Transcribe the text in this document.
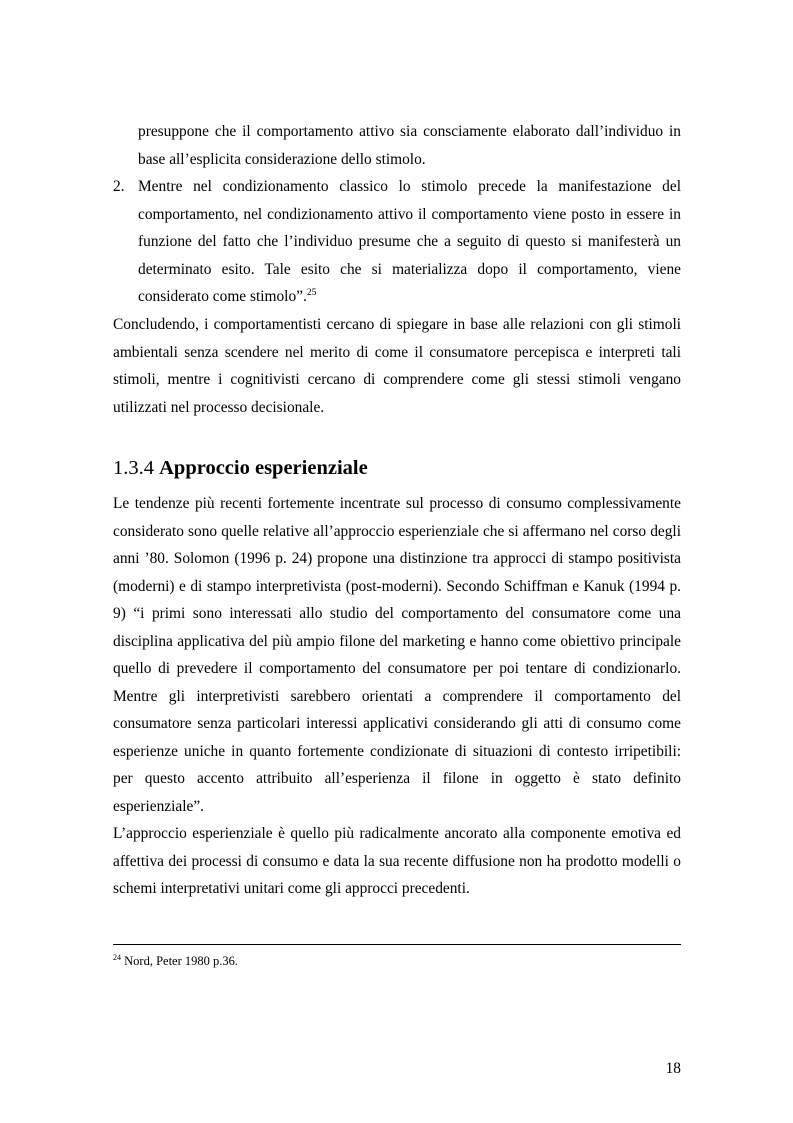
presuppone che il comportamento attivo sia consciamente elaborato dall’individuo in base all’esplicita considerazione dello stimolo.
2. Mentre nel condizionamento classico lo stimolo precede la manifestazione del comportamento, nel condizionamento attivo il comportamento viene posto in essere in funzione del fatto che l’individuo presume che a seguito di questo si manifesterà un determinato esito. Tale esito che si materializza dopo il comportamento, viene considerato come stimolo”.$^{25}$
Concludendo, i comportamentisti cercano di spiegare in base alle relazioni con gli stimoli ambientali senza scendere nel merito di come il consumatore percepisca e interpreti tali stimoli, mentre i cognitivisti cercano di comprendere come gli stessi stimoli vengano utilizzati nel processo decisionale.
1.3.4 Approccio esperienziale
Le tendenze più recenti fortemente incentrate sul processo di consumo complessivamente considerato sono quelle relative all’approccio esperienziale che si affermano nel corso degli anni ’80. Solomon (1996 p. 24) propone una distinzione tra approcci di stampo positivista (moderni) e di stampo interpretivista (post-moderni). Secondo Schiffman e Kanuk (1994 p. 9) “i primi sono interessati allo studio del comportamento del consumatore come una disciplina applicativa del più ampio filone del marketing e hanno come obiettivo principale quello di prevedere il comportamento del consumatore per poi tentare di condizionarlo. Mentre gli interpretivisti sarebbero orientati a comprendere il comportamento del consumatore senza particolari interessi applicativi considerando gli atti di consumo come esperienze uniche in quanto fortemente condizionate di situazioni di contesto irripetibili: per questo accento attribuito all’esperienza il filone in oggetto è stato definito esperienziale”.
L’approccio esperienziale è quello più radicalmente ancorato alla componente emotiva ed affettiva dei processi di consumo e data la sua recente diffusione non ha prodotto modelli o schemi interpretativi unitari come gli approcci precedenti.
$^{24}$ Nord, Peter 1980 p.36.
18
